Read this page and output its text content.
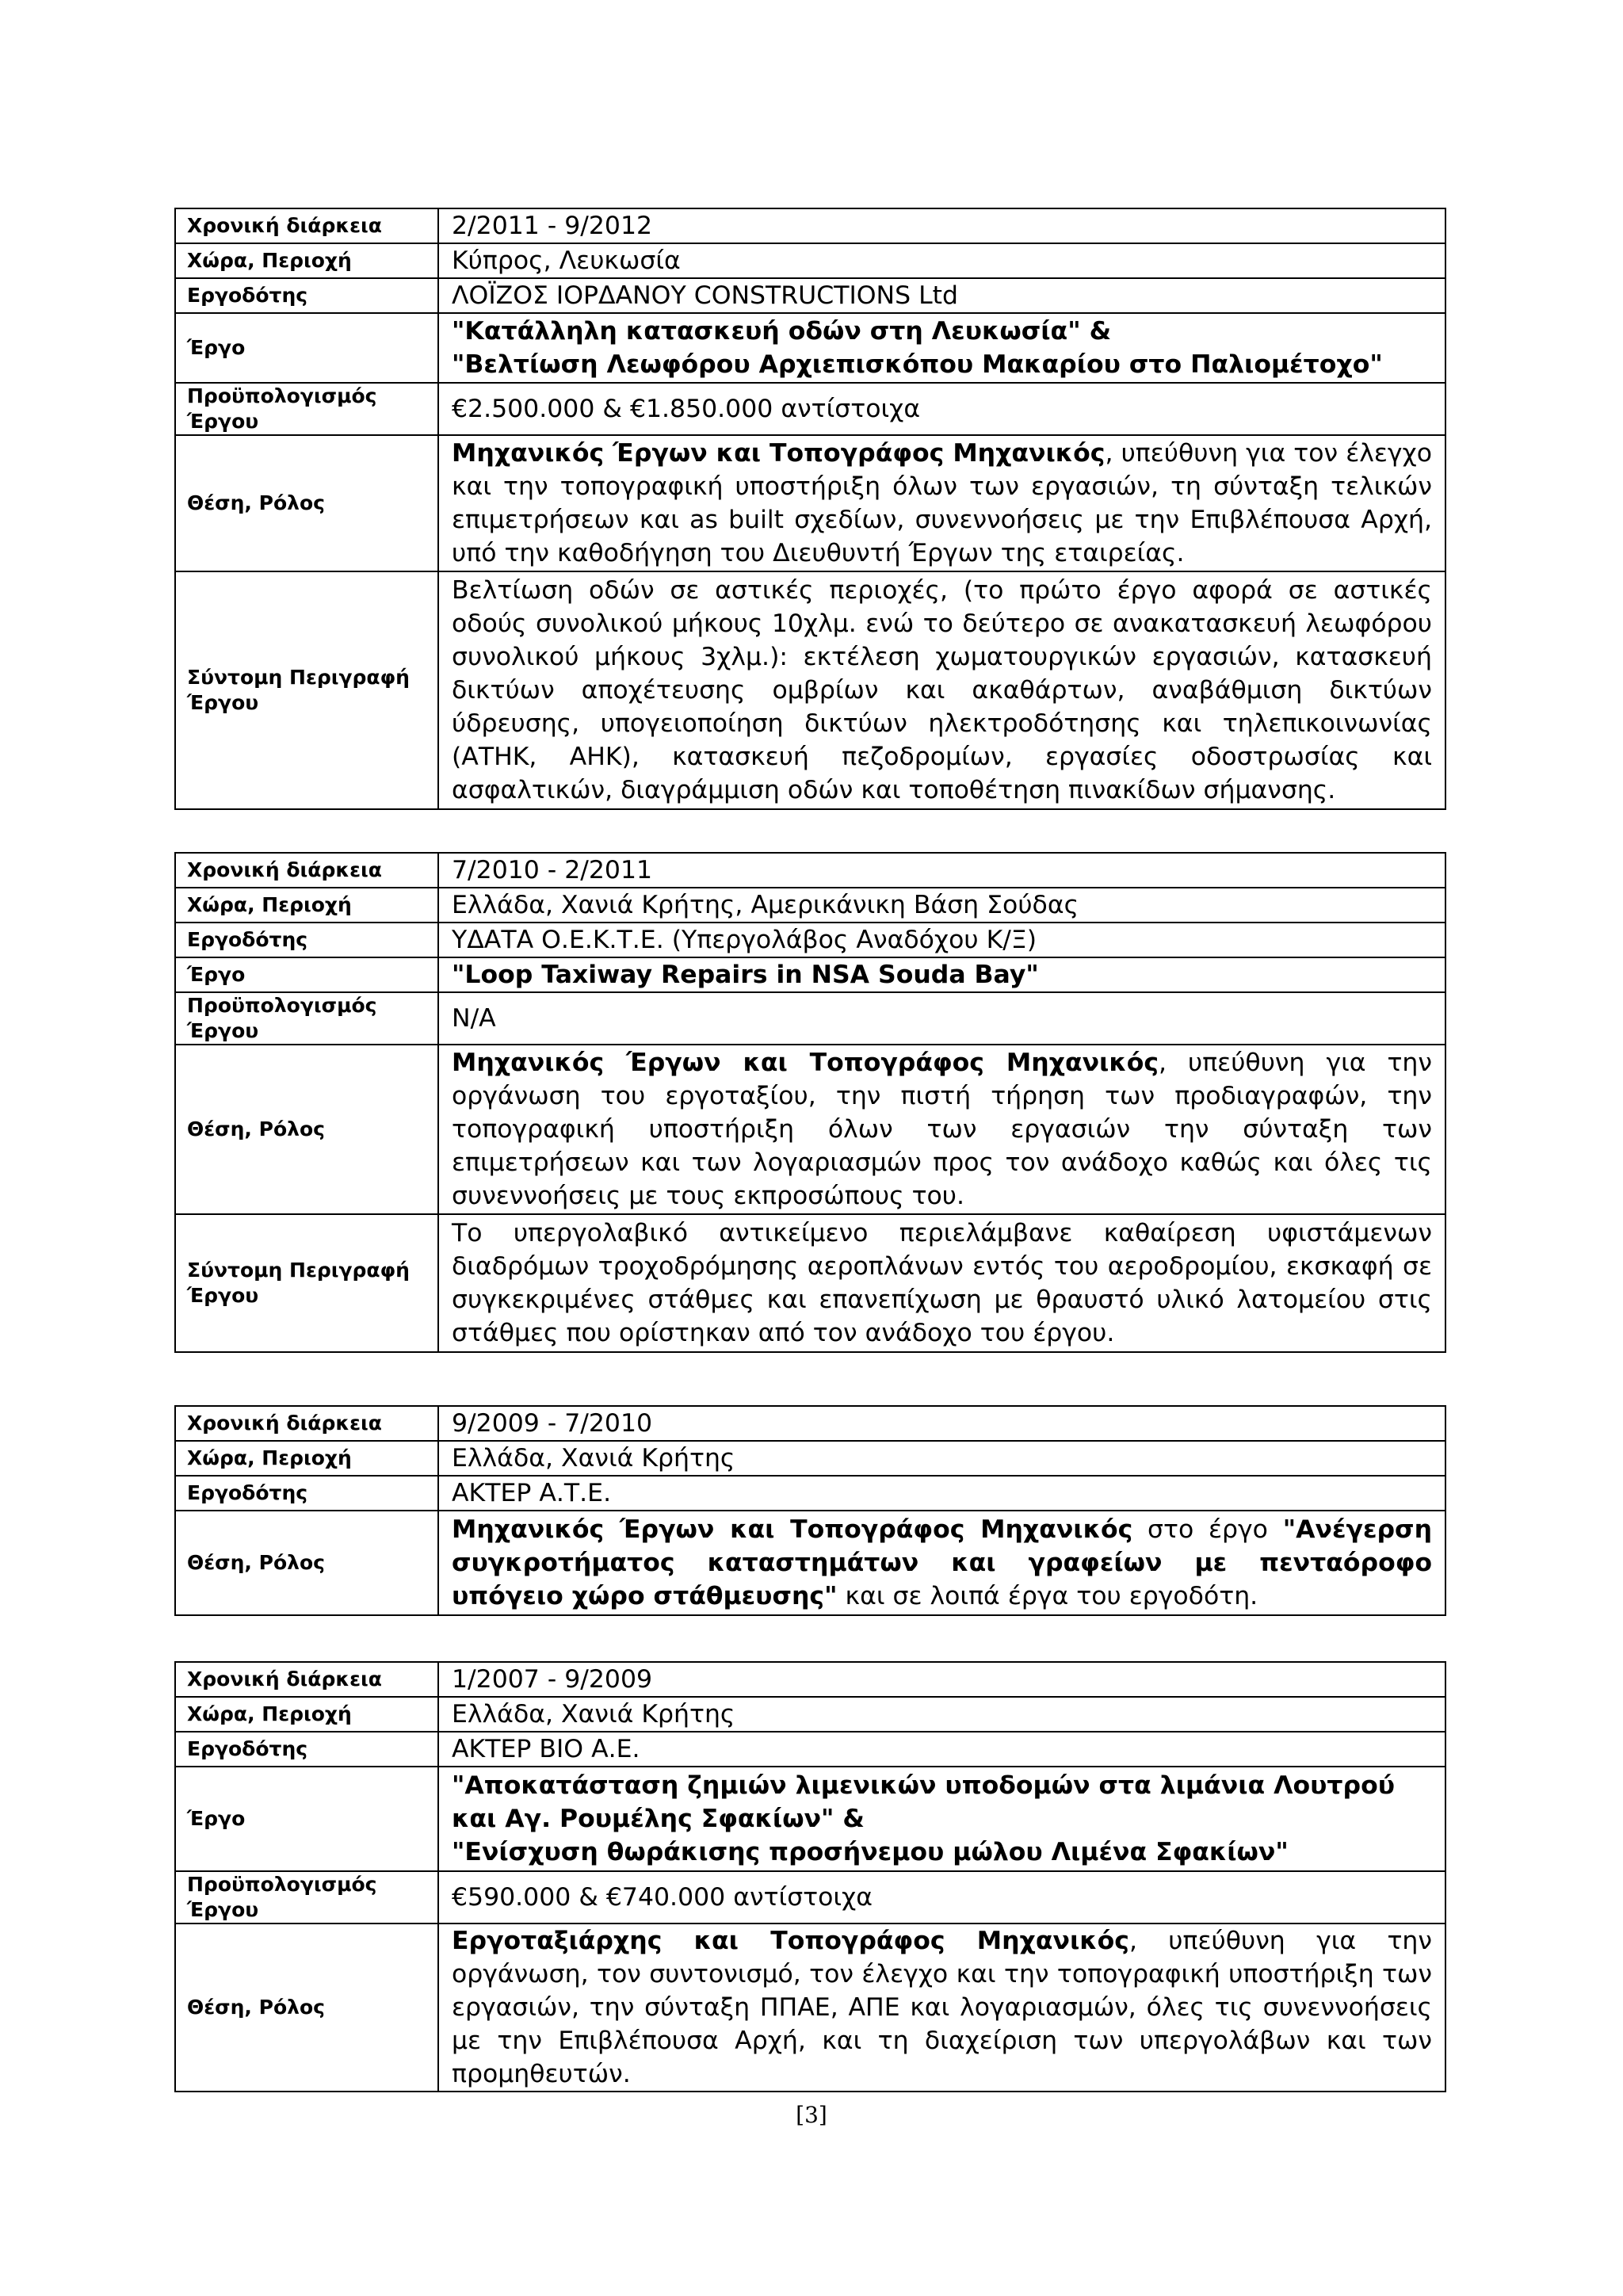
Χρονική διάρκεια	2/2011 - 9/2012
Χώρα, Περιοχή	Κύπρος, Λευκωσία
Εργοδότης	ΛΟΪΖΟΣ ΙΟΡΔΑΝΟΥ CONSTRUCTIONS Ltd
Έργο	"Κατάλληλη κατασκευή οδών στη Λευκωσία" &
"Βελτίωση Λεωφόρου Αρχιεπισκόπου Μακαρίου στο Παλιομέτοχο"

Προϋπολογισμός Έργου	€2.500.000 & €1.850.000 αντίστοιχα
Θέση, Ρόλος	Μηχανικός Έργων και Τοπογράφος Μηχανικός, υπεύθυνη για τον έλεγχο και την τοπογραφική υποστήριξη όλων των εργασιών, τη σύνταξη τελικών επιμετρήσεων και as built σχεδίων, συνεννοήσεις με την Επιβλέπουσα Αρχή, υπό την καθοδήγηση του Διευθυντή Έργων της εταιρείας.
Σύντομη Περιγραφή Έργου	Βελτίωση οδών σε αστικές περιοχές, (το πρώτο έργο αφορά σε αστικές οδούς συνολικού μήκους 10χλμ. ενώ το δεύτερο σε ανακατασκευή λεωφόρου συνολικού μήκους 3χλμ.): εκτέλεση χωματουργικών εργασιών, κατασκευή δικτύων αποχέτευσης ομβρίων και ακαθάρτων, αναβάθμιση δικτύων ύδρευσης, υπογειοποίηση δικτύων ηλεκτροδότησης και τηλεπικοινωνίας (ΑΤΗΚ, ΑΗΚ), κατασκευή πεζοδρομίων, εργασίες οδοστρωσίας και ασφαλτικών, διαγράμμιση οδών και τοποθέτηση πινακίδων σήμανσης.
Χρονική διάρκεια	7/2010 - 2/2011
Χώρα, Περιοχή	Ελλάδα, Χανιά Κρήτης, Αμερικάνικη Βάση Σούδας
Εργοδότης	ΥΔΑΤΑ Ο.Ε.Κ.Τ.Ε. (Υπεργολάβος Αναδόχου Κ/Ξ)
Έργο	"Loop Taxiway Repairs in NSA Souda Bay"
Προϋπολογισμός Έργου	N/A
Θέση, Ρόλος	Μηχανικός Έργων και Τοπογράφος Μηχανικός, υπεύθυνη για την οργάνωση του εργοταξίου, την πιστή τήρηση των προδιαγραφών, την τοπογραφική υποστήριξη όλων των εργασιών την σύνταξη των επιμετρήσεων και των λογαριασμών προς τον ανάδοχο καθώς και όλες τις συνεννοήσεις με τους εκπροσώπους του.
Σύντομη Περιγραφή Έργου	Το υπεργολαβικό αντικείμενο περιελάμβανε καθαίρεση υφιστάμενων διαδρόμων τροχοδρόμησης αεροπλάνων εντός του αεροδρομίου, εκσκαφή σε συγκεκριμένες στάθμες και επανεπίχωση με θραυστό υλικό λατομείου στις στάθμες που ορίστηκαν από τον ανάδοχο του έργου.
Χρονική διάρκεια	9/2009 - 7/2010
Χώρα, Περιοχή	Ελλάδα, Χανιά Κρήτης
Εργοδότης	ΑΚΤΕΡ Α.Τ.Ε.
Θέση, Ρόλος	Μηχανικός Έργων και Τοπογράφος Μηχανικός στο έργο "Ανέγερση συγκροτήματος καταστημάτων και γραφείων με πενταόροφο υπόγειο χώρο στάθμευσης" και σε λοιπά έργα του εργοδότη.
Χρονική διάρκεια	1/2007 - 9/2009
Χώρα, Περιοχή	Ελλάδα, Χανιά Κρήτης
Εργοδότης	ΑΚΤΕΡ ΒΙΟ Α.Ε.
Έργο	"Αποκατάσταση ζημιών λιμενικών υποδομών στα λιμάνια Λουτρού και Αγ. Ρουμέλης Σφακίων" &
"Ενίσχυση θωράκισης προσήνεμου μώλου Λιμένα Σφακίων"

Προϋπολογισμός Έργου	€590.000 & €740.000 αντίστοιχα
Θέση, Ρόλος	Εργοταξιάρχης και Τοπογράφος Μηχανικός, υπεύθυνη για την οργάνωση, τον συντονισμό, τον έλεγχο και την τοπογραφική υποστήριξη των εργασιών, την σύνταξη ΠΠΑΕ, ΑΠΕ και λογαριασμών, όλες τις συνεννοήσεις με την Επιβλέπουσα Αρχή, και τη διαχείριση των υπεργολάβων και των προμηθευτών.
[3]
